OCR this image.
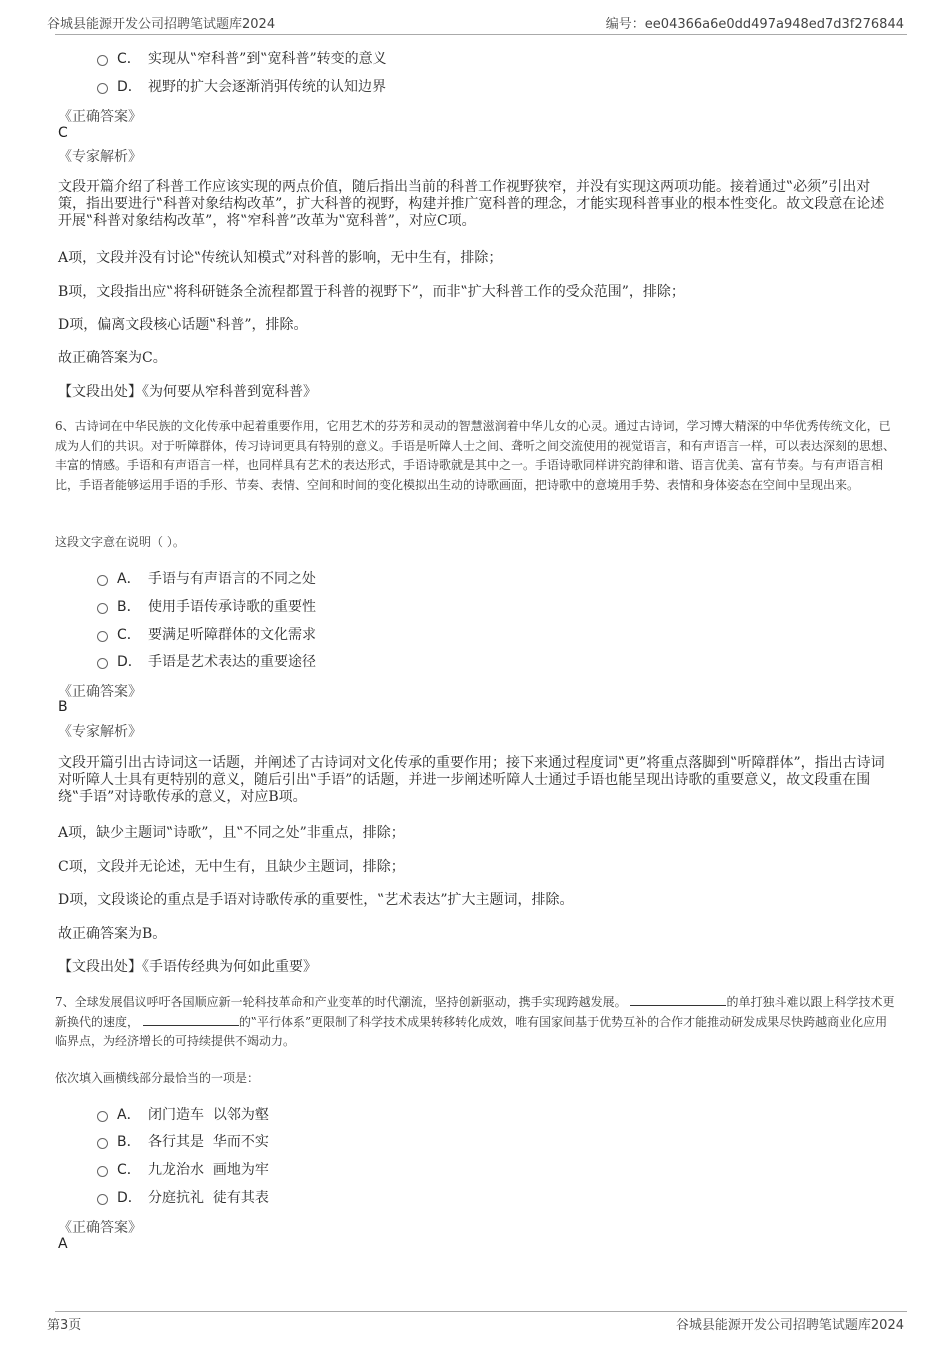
谷城县能源开发公司招聘笔试题库2024	编号：ee04366a6e0dd497a948ed7d3f276844
C． 实现从‟窄科普”到‟宽科普”转变的意义
D． 视野的扩大会逐渐消弭传统的认知边界
《正确答案》
C
《专家解析》

文段开篇介绍了科普工作应该实现的两点价值，随后指出当前的科普工作视野狭窄，并没有实现这两项功能。接着通过‟必须”引出对策，指出要进行‟科普对象结构改革”，扩大科普的视野，构建并推广宽科普的理念，才能实现科普事业的根本性变化。故文段意在论述开展‟科普对象结构改革”，将‟窄科普”改革为‟宽科普”，对应C项。

A项，文段并没有讨论‟传统认知模式”对科普的影响，无中生有，排除；

B项，文段指出应‟将科研链条全流程都置于科普的视野下”，而非‟扩大科普工作的受众范围”，排除；

D项，偏离文段核心话题‟科普”，排除。

故正确答案为C。

【文段出处】《为何要从窄科普到宽科普》

6、古诗词在中华民族的文化传承中起着重要作用，它用艺术的芬芳和灵动的智慧滋润着中华儿女的心灵。通过古诗词，学习博大精深的中华优秀传统文化，已成为人们的共识。对于听障群体，传习诗词更具有特别的意义。手语是听障人士之间、聋听之间交流使用的视觉语言，和有声语言一样，可以表达深刻的思想、丰富的情感。手语和有声语言一样，也同样具有艺术的表达形式，手语诗歌就是其中之一。手语诗歌同样讲究韵律和谐、语言优美、富有节奏。与有声语言相比，手语者能够运用手语的手形、节奏、表情、空间和时间的变化模拟出生动的诗歌画面，把诗歌中的意境用手势、表情和身体姿态在空间中呈现出来。

这段文字意在说明（ ）。
A． 手语与有声语言的不同之处
B． 使用手语传承诗歌的重要性
C． 要满足听障群体的文化需求
D． 手语是艺术表达的重要途径
《正确答案》
B
《专家解析》

文段开篇引出古诗词这一话题，并阐述了古诗词对文化传承的重要作用；接下来通过程度词‟更”将重点落脚到‟听障群体”，指出古诗词对听障人士具有更特别的意义，随后引出‟手语”的话题，并进一步阐述听障人士通过手语也能呈现出诗歌的重要意义，故文段重在围绕‟手语”对诗歌传承的意义，对应B项。

A项，缺少主题词‟诗歌”，且‟不同之处”非重点，排除；

C项，文段并无论述，无中生有，且缺少主题词，排除；

D项，文段谈论的重点是手语对诗歌传承的重要性，‟艺术表达”扩大主题词，排除。

故正确答案为B。

【文段出处】《手语传经典为何如此重要》

7、全球发展倡议呼吁各国顺应新一轮科技革命和产业变革的时代潮流，坚持创新驱动，携手实现跨越发展。	的单打独斗难以跟上科学技术更新换代的速度，	的‟平行体系”更限制了科学技术成果转移转化成效，唯有国家间基于优势互补的合作才能推动研发成果尽快跨越商业化应用临界点，为经济增长的可持续提供不竭动力。

依次填入画横线部分最恰当的一项是：
A． 闭门造车  以邻为壑
B． 各行其是  华而不实
C． 九龙治水  画地为牢
D． 分庭抗礼  徒有其表
《正确答案》
A
第3页	谷城县能源开发公司招聘笔试题库2024
